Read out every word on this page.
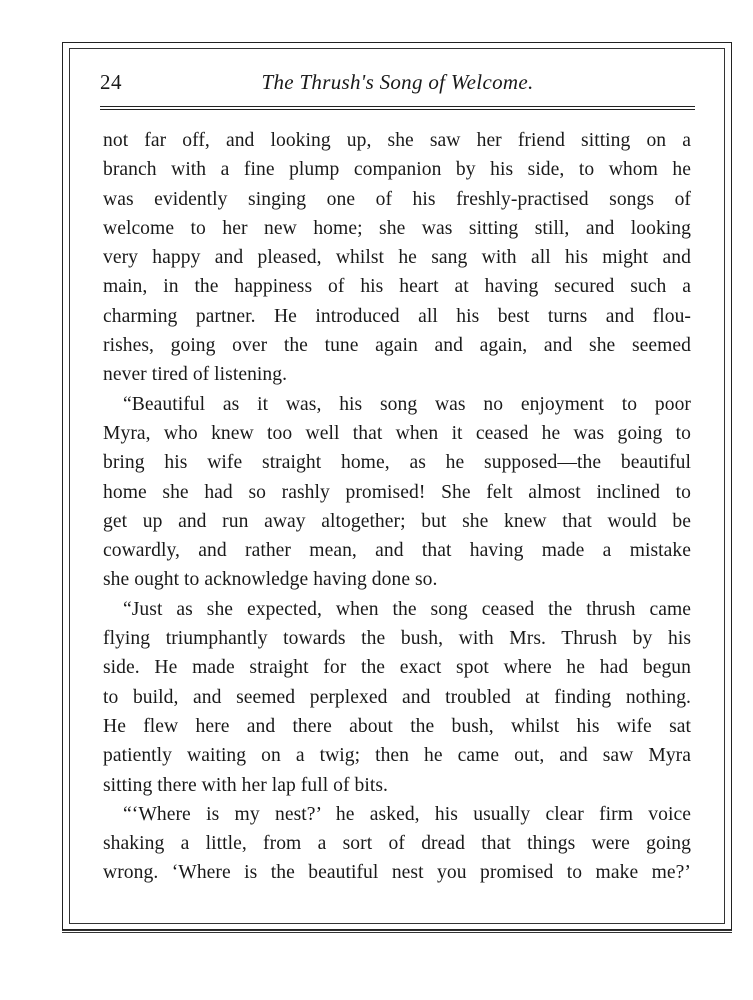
24	The Thrush's Song of Welcome.
not far off, and looking up, she saw her friend sitting on a
branch with a fine plump companion by his side, to whom he
was evidently singing one of his freshly-practised songs of
welcome to her new home; she was sitting still, and looking
very happy and pleased, whilst he sang with all his might and
main, in the happiness of his heart at having secured such a
charming partner. He introduced all his best turns and flou-
rishes, going over the tune again and again, and she seemed
never tired of listening.
“Beautiful as it was, his song was no enjoyment to poor
Myra, who knew too well that when it ceased he was going to
bring his wife straight home, as he supposed—the beautiful
home she had so rashly promised! She felt almost inclined to
get up and run away altogether; but she knew that would be
cowardly, and rather mean, and that having made a mistake
she ought to acknowledge having done so.
“Just as she expected, when the song ceased the thrush came
flying triumphantly towards the bush, with Mrs. Thrush by his
side. He made straight for the exact spot where he had begun
to build, and seemed perplexed and troubled at finding nothing.
He flew here and there about the bush, whilst his wife sat
patiently waiting on a twig; then he came out, and saw Myra
sitting there with her lap full of bits.
“‘Where is my nest?’ he asked, his usually clear firm voice
shaking a little, from a sort of dread that things were going
wrong. ‘Where is the beautiful nest you promised to make me?’
